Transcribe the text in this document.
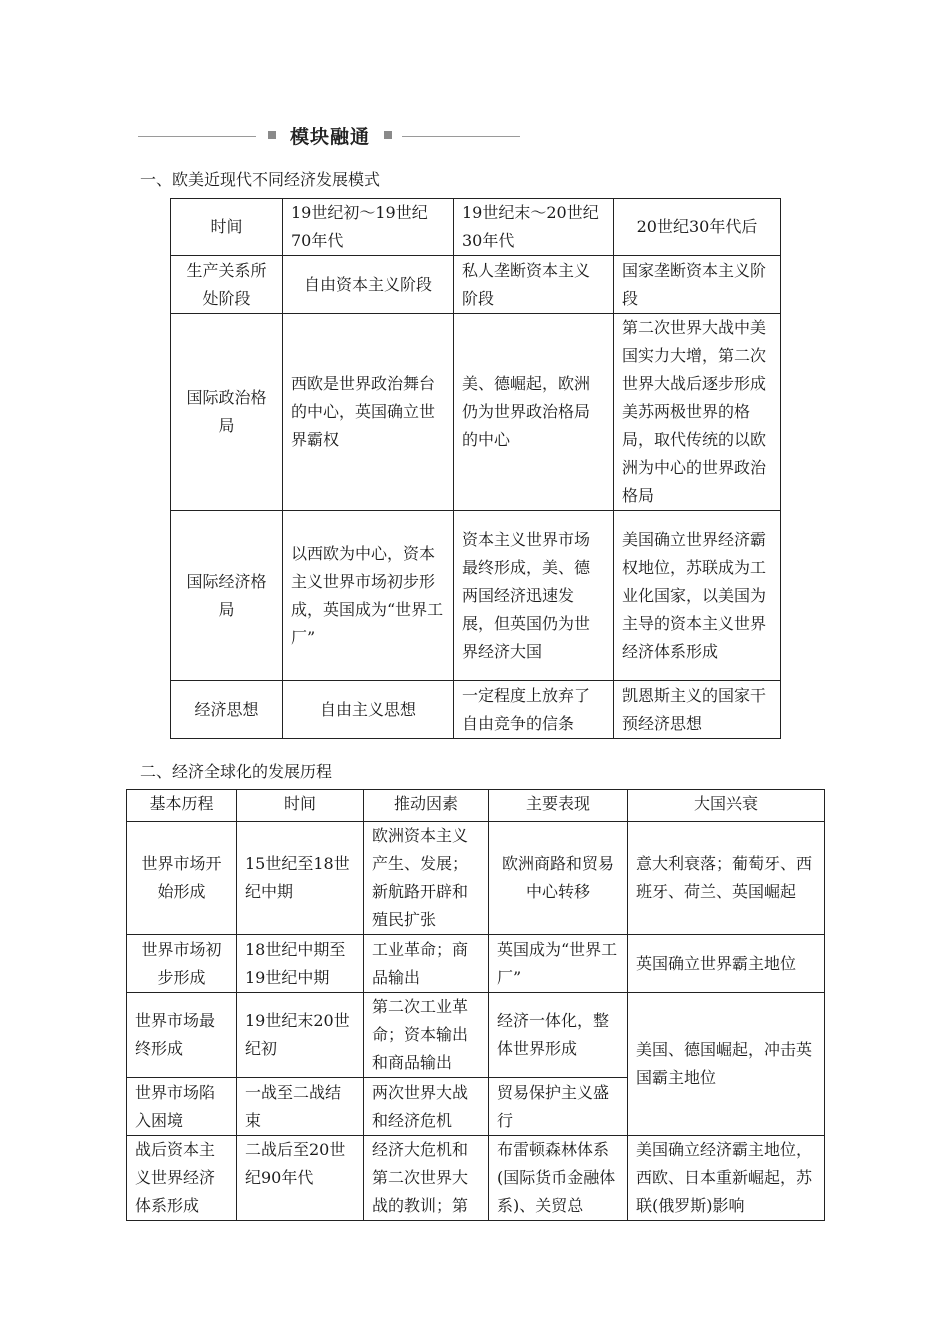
模块融通
一、欧美近现代不同经济发展模式
时间	19世纪初～19世纪70年代	19世纪末～20世纪30年代	20世纪30年代后
生产关系所处阶段	自由资本主义阶段	私人垄断资本主义阶段	国家垄断资本主义阶段
国际政治格局	西欧是世界政治舞台的中心，英国确立世界霸权	美、德崛起，欧洲仍为世界政治格局的中心	第二次世界大战中美国实力大增，第二次世界大战后逐步形成美苏两极世界的格局，取代传统的以欧洲为中心的世界政治格局
国际经济格局	以西欧为中心，资本主义世界市场初步形成，英国成为“世界工厂”	资本主义世界市场最终形成，美、德两国经济迅速发展，但英国仍为世界经济大国	美国确立世界经济霸权地位，苏联成为工业化国家，以美国为主导的资本主义世界经济体系形成
经济思想	自由主义思想	一定程度上放弃了自由竞争的信条	凯恩斯主义的国家干预经济思想
二、经济全球化的发展历程
基本历程	时间	推动因素	主要表现	大国兴衰
世界市场开始形成	15世纪至18世纪中期	欧洲资本主义产生、发展；新航路开辟和殖民扩张	欧洲商路和贸易中心转移	意大利衰落；葡萄牙、西班牙、荷兰、英国崛起
世界市场初步形成	18世纪中期至19世纪中期	工业革命；商品输出	英国成为“世界工厂”	英国确立世界霸主地位
世界市场最终形成	19世纪末20世纪初	第二次工业革命；资本输出和商品输出	经济一体化，整体世界形成	美国、德国崛起，冲击英国霸主地位
世界市场陷入困境	一战至二战结束	两次世界大战和经济危机	贸易保护主义盛行	
战后资本主义世界经济体系形成	二战后至20世纪90年代	经济大危机和第二次世界大战的教训；第	布雷顿森林体系(国际货币金融体系)、关贸总	美国确立经济霸主地位，西欧、日本重新崛起，苏联(俄罗斯)影响
